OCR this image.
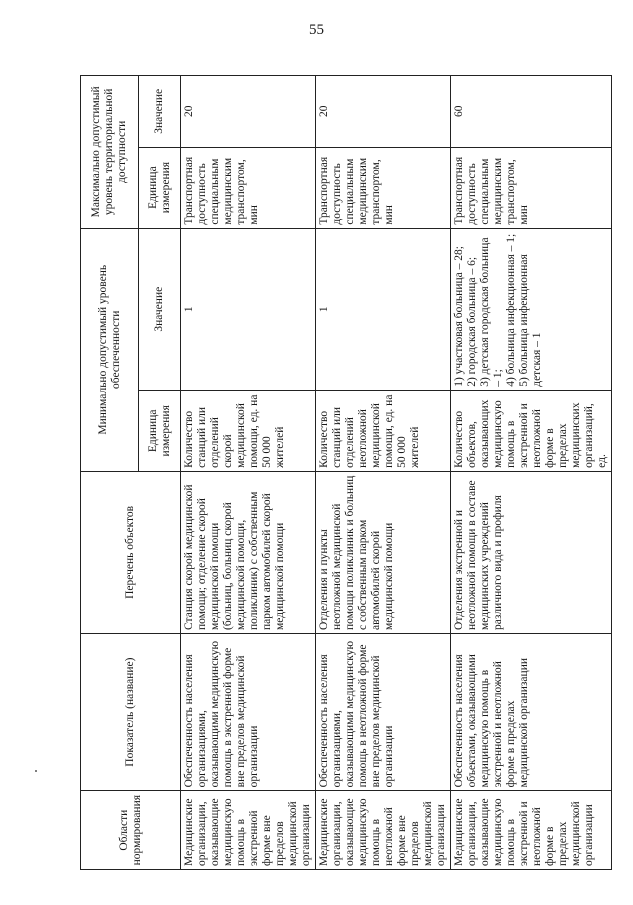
55
Области нормирования	Показатель (название)	Перечень объектов	Минимально допустимый уровень обеспеченности		Максимально допустимый уровень территориальной доступности	
			Единица измерения	Значение	Единица измерения	Значение
Медицинские организации, оказывающие медицинскую помощь в экстренной форме вне пределов медицинской организации	Обеспеченность населения организациями, оказывающими медицинскую помощь в экстренной форме вне пределов медицинской организации	Станция скорой медицинской помощи; отделение скорой медицинской помощи (больниц, больниц скорой медицинской помощи, поликлиник) с собственным парком автомобилей скорой медицинской помощи	Количество станций или отделений скорой медицинской помощи, ед. на 50 000 жителей	1	Транспортная доступность специальным медицинским транспортом, мин	20
Медицинские организации, оказывающие медицинскую помощь в неотложной форме вне пределов медицинской организации	Обеспеченность населения организациями, оказывающими медицинскую помощь в неотложной форме вне пределов медицинской организации	Отделения и пункты неотложной медицинской помощи поликлиник и больниц с собственным парком автомобилей скорой медицинской помощи	Количество станций или отделений неотложной медицинской помощи, ед. на 50 000 жителей	1	Транспортная доступность специальным медицинским транспортом, мин	20
Медицинские организации, оказывающие медицинскую помощь в экстренной и неотложной форме в пределах медицинской организации	Обеспеченность населения объектами, оказывающими медицинскую помощь в экстренной и неотложной форме в пределах медицинской организации	Отделения экстренной и неотложной помощи в составе медицинских учреждений различного вида и профиля	Количество объектов, оказывающих медицинскую помощь в экстренной и неотложной форме в пределах медицинских организаций, ед.	1) участковая больница – 28;
2) городская больница – 6;
3) детская городская больница – 1;
4) больница инфекционная – 1;
5) больница инфекционная детская – 1	Транспортная доступность специальным медицинским транспортом, мин	60
